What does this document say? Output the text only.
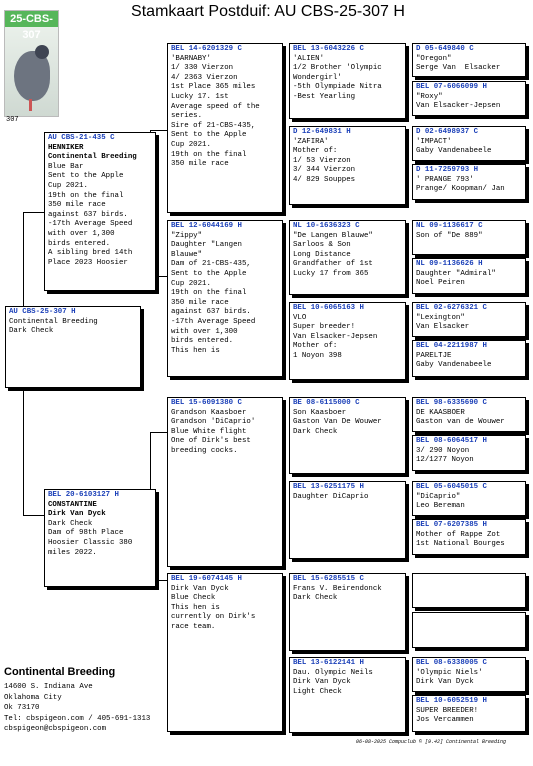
Stamkaart Postduif: AU CBS-25-307 H
25-CBS-307
307
AU CBS-25-307 H
Continental Breeding
Dark Check
AU CBS-21-435 C
HENNIKER
Continental Breeding
Blue Bar
Sent to the Apple
Cup 2021.
19th on the final
350 mile race
against 637 birds.
-17th Average Speed
with over 1,300
birds entered.
A sibling bred 14th
Place 2023 Hoosier
BEL 20-6103127 H
CONSTANTINE
Dirk Van Dyck
Dark Check
Dam of 98th Place
Hoosier Classic 380
miles 2022.
BEL 14-6201329 C
'BARNABY'
1/ 330 Vierzon
4/ 2363 Vierzon
1st Place 365 miles
Lucky 17. 1st
Average speed of the
series.
Sire of 21-CBS-435,
Sent to the Apple
Cup 2021.
19th on the final
350 mile race
BEL 12-6044169 H
"Zippy"
Daughter "Langen
Blauwe"
Dam of 21-CBS-435,
Sent to the Apple
Cup 2021.
19th on the final
350 mile race
against 637 birds.
-17th Average Speed
with over 1,300
birds entered.
This hen is
BEL 15-6091380 C
Grandson Kaasboer
Grandson 'DiCaprio'
Blue White flight
One of Dirk's best
breeding cocks.
BEL 19-6074145 H
Dirk Van Dyck
Blue Check
This hen is
currently on Dirk's
race team.
BEL 13-6043226 C
'ALIEN'
1/2 Brother 'Olympic
Wondergirl'
-5th Olympiade Nitra
-Best Yearling
D 12-649831 H
'ZAFIRA'
Mother of:
1/ 53 Vierzon
3/ 344 Vierzon
4/ 829 Souppes
NL 10-1636323 C
"De Langen Blauwe"
Sarloos & Son
Long Distance
Grandfather of 1st
Lucky 17 from 365
BEL 10-6065163 H
VLO
Super breeder!
Van Elsacker-Jepsen
Mother of:
1 Noyon 398
BE 08-6115000 C
Son Kaasboer
Gaston Van De Wouwer
Dark Check
BEL 13-6251175 H
Daughter DiCaprio
BEL 15-6285515 C
Frans V. Beirendonck
Dark Check
BEL 13-6122141 H
Dau. Olympic Neils
Dirk Van Dyck
Light Check
D 05-649840 C
"Oregon"
Serge Van  Elsacker
BEL 07-6066099 H
"Roxy"
Van Elsacker-Jepsen
D 02-6498937 C
'IMPACT'
Gaby Vandenabeele
D 11-7259793 H
' PRANGE 793'
Prange/ Koopman/ Jan
NL 09-1136617 C
Son of "De 889"
NL 09-1136626 H
Daughter "Admiral"
Noel Peiren
BEL 02-6276321 C
"Lexington"
Van Elsacker
BEL 04-2211987 H
PARELTJE
Gaby Vandenabeele
BEL 98-6335690 C
DE KAASBOER
Gaston van de Wouwer
BEL 08-6064517 H
3/ 290 Noyon
12/1277 Noyon
BEL 05-6045015 C
"DiCaprio"
Leo Bereman
BEL 07-6207385 H
Mother of Rappe Zot
1st National Bourges
BEL 08-6338005 C
'Olympic Niels'
Dirk Van Dyck
BEL 10-6052519 H
SUPER BREEDER!
Jos Vercammen
Continental Breeding
14600 S. Indiana Ave
Oklahoma City
Ok 73170
Tel: cbspigeon.com / 405-691-1313
cbspigeon@cbspigeon.com
06-08-2025 Compuclub © [9.42] Continental Breeding
